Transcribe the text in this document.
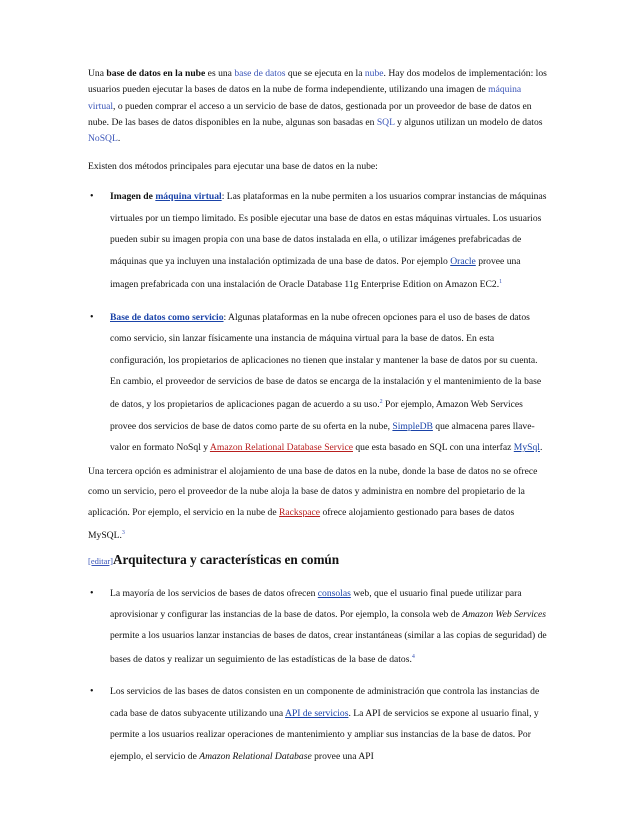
Una base de datos en la nube es una base de datos que se ejecuta en la nube. Hay dos modelos de implementación: los usuarios pueden ejecutar la bases de datos en la nube de forma independiente, utilizando una imagen de máquina virtual, o pueden comprar el acceso a un servicio de base de datos, gestionada por un proveedor de base de datos en nube. De las bases de datos disponibles en la nube, algunas son basadas en SQL y algunos utilizan un modelo de datos NoSQL.

Existen dos métodos principales para ejecutar una base de datos en la nube:

• Imagen de máquina virtual: Las plataformas en la nube permiten a los usuarios comprar instancias de máquinas virtuales por un tiempo limitado. Es posible ejecutar una base de datos en estas máquinas virtuales. Los usuarios pueden subir su imagen propia con una base de datos instalada en ella, o utilizar imágenes prefabricadas de máquinas que ya incluyen una instalación optimizada de una base de datos. Por ejemplo Oracle provee una imagen prefabricada con una instalación de Oracle Database 11g Enterprise Edition on Amazon EC2.$^1$
• Base de datos como servicio: Algunas plataformas en la nube ofrecen opciones para el uso de bases de datos como servicio, sin lanzar físicamente una instancia de máquina virtual para la base de datos. En esta configuración, los propietarios de aplicaciones no tienen que instalar y mantener la base de datos por su cuenta. En cambio, el proveedor de servicios de base de datos se encarga de la instalación y el mantenimiento de la base de datos, y los propietarios de aplicaciones pagan de acuerdo a su uso.$^2$ Por ejemplo, Amazon Web Services provee dos servicios de base de datos como parte de su oferta en la nube, SimpleDB que almacena pares llave-valor en formato NoSql y Amazon Relational Database Service que esta basado en SQL con una interfaz MySql.

Una tercera opción es administrar el alojamiento de una base de datos en la nube, donde la base de datos no se ofrece como un servicio, pero el proveedor de la nube aloja la base de datos y administra en nombre del propietario de la aplicación. Por ejemplo, el servicio en la nube de Rackspace ofrece alojamiento gestionado para bases de datos MySQL.$^3$

[editar]Arquitectura y características en común
• La mayoría de los servicios de bases de datos ofrecen consolas web, que el usuario final puede utilizar para aprovisionar y configurar las instancias de la base de datos. Por ejemplo, la consola web de Amazon Web Services permite a los usuarios lanzar instancias de bases de datos, crear instantáneas (similar a las copias de seguridad) de bases de datos y realizar un seguimiento de las estadísticas de la base de datos.$^4$
• Los servicios de las bases de datos consisten en un componente de administración que controla las instancias de cada base de datos subyacente utilizando una API de servicios. La API de servicios se expone al usuario final, y permite a los usuarios realizar operaciones de mantenimiento y ampliar sus instancias de la base de datos. Por ejemplo, el servicio de Amazon Relational Database provee una API
